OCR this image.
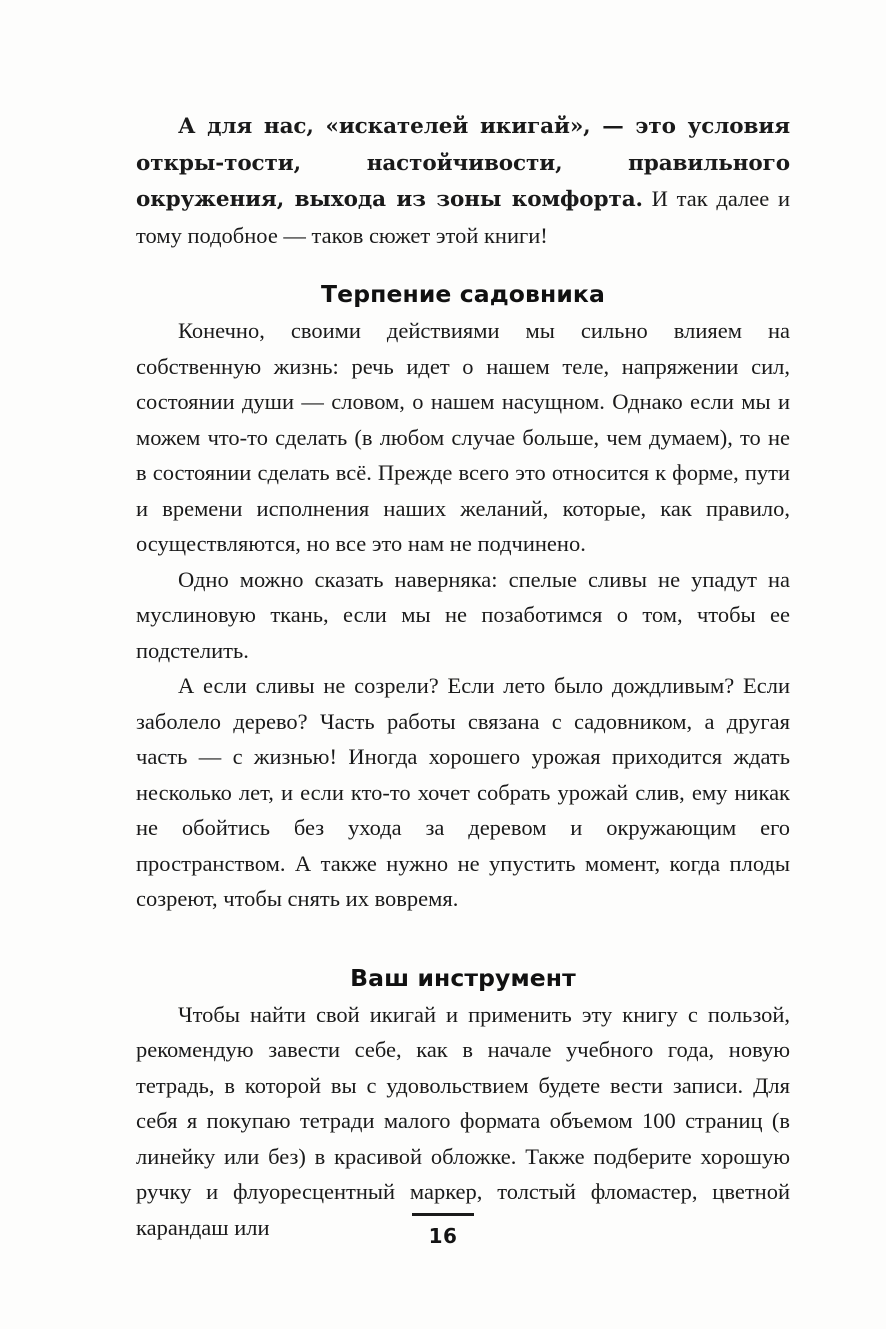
А для нас, «искателей икигай», — это условия откры-тости, настойчивости, правильного окружения, выхода из зоны комфорта. И так далее и тому подобное — таков сюжет этой книги!

Терпение садовника

Конечно, своими действиями мы сильно влияем на собственную жизнь: речь идет о нашем теле, напряжении сил, состоянии души — словом, о нашем насущном. Однако если мы и можем что-то сделать (в любом случае больше, чем думаем), то не в состоянии сделать всё. Прежде всего это относится к форме, пути и времени исполнения наших желаний, которые, как правило, осуществляются, но все это нам не подчинено.

Одно можно сказать наверняка: спелые сливы не упадут на муслиновую ткань, если мы не позаботимся о том, чтобы ее подстелить.

А если сливы не созрели? Если лето было дождливым? Если заболело дерево? Часть работы связана с садовником, а другая часть — с жизнью! Иногда хорошего урожая приходится ждать несколько лет, и если кто-то хочет собрать урожай слив, ему никак не обойтись без ухода за деревом и окружающим его пространством. А также нужно не упустить момент, когда плоды созреют, чтобы снять их вовремя.

Ваш инструмент

Чтобы найти свой икигай и применить эту книгу с пользой, рекомендую завести себе, как в начале учебного года, новую тетрадь, в которой вы с удовольствием будете вести записи. Для себя я покупаю тетради малого формата объемом 100 страниц (в линейку или без) в красивой обложке. Также подберите хорошую ручку и флуоресцентный маркер, толстый фломастер, цветной карандаш или	16
